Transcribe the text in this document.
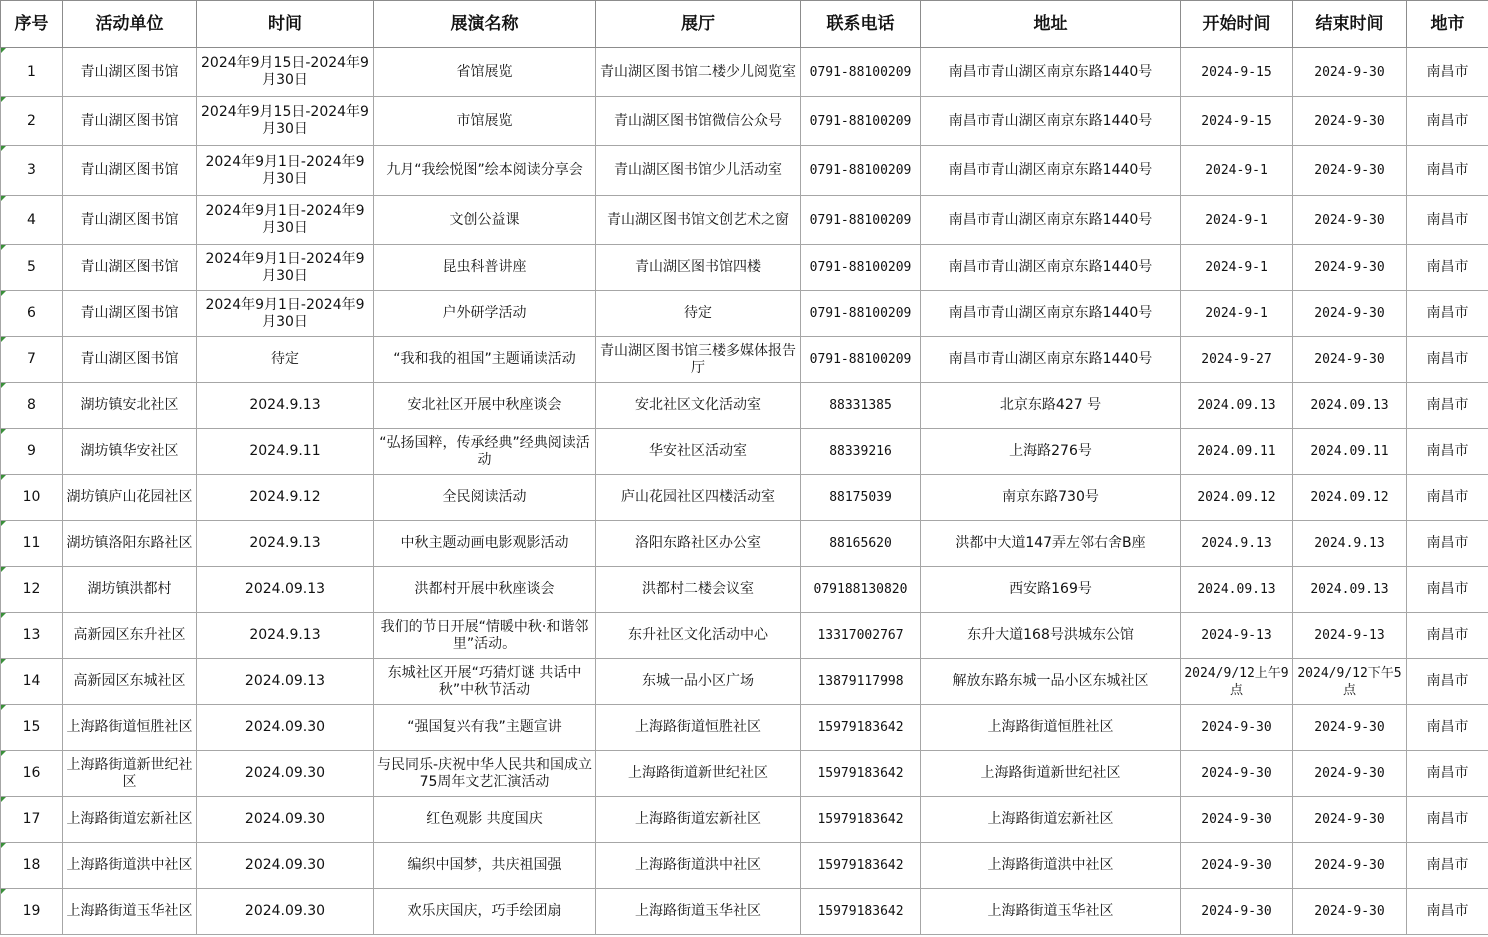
序号	活动单位	时间	展演名称	展厅	联系电话	地址	开始时间	结束时间	地市
1	青山湖区图书馆	2024年9月15日-2024年9月30日	省馆展览	青山湖区图书馆二楼少儿阅览室	0791-88100209	南昌市青山湖区南京东路1440号	2024-9-15	2024-9-30	南昌市
2	青山湖区图书馆	2024年9月15日-2024年9月30日	市馆展览	青山湖区图书馆微信公众号	0791-88100209	南昌市青山湖区南京东路1440号	2024-9-15	2024-9-30	南昌市
3	青山湖区图书馆	2024年9月1日-2024年9月30日	九月“我绘悦图”绘本阅读分享会	青山湖区图书馆少儿活动室	0791-88100209	南昌市青山湖区南京东路1440号	2024-9-1	2024-9-30	南昌市
4	青山湖区图书馆	2024年9月1日-2024年9月30日	文创公益课	青山湖区图书馆文创艺术之窗	0791-88100209	南昌市青山湖区南京东路1440号	2024-9-1	2024-9-30	南昌市
5	青山湖区图书馆	2024年9月1日-2024年9月30日	昆虫科普讲座	青山湖区图书馆四楼	0791-88100209	南昌市青山湖区南京东路1440号	2024-9-1	2024-9-30	南昌市
6	青山湖区图书馆	2024年9月1日-2024年9月30日	户外研学活动	待定	0791-88100209	南昌市青山湖区南京东路1440号	2024-9-1	2024-9-30	南昌市
7	青山湖区图书馆	待定	“我和我的祖国”主题诵读活动	青山湖区图书馆三楼多媒体报告厅	0791-88100209	南昌市青山湖区南京东路1440号	2024-9-27	2024-9-30	南昌市
8	湖坊镇安北社区	2024.9.13	安北社区开展中秋座谈会	安北社区文化活动室	88331385	北京东路427 号	2024.09.13	2024.09.13	南昌市
9	湖坊镇华安社区	2024.9.11	“弘扬国粹，传承经典”经典阅读活动	华安社区活动室	88339216	上海路276号	2024.09.11	2024.09.11	南昌市
10	湖坊镇庐山花园社区	2024.9.12	全民阅读活动	庐山花园社区四楼活动室	88175039	南京东路730号	2024.09.12	2024.09.12	南昌市
11	湖坊镇洛阳东路社区	2024.9.13	中秋主题动画电影观影活动	洛阳东路社区办公室	88165620	洪都中大道147弄左邻右舍B座	2024.9.13	2024.9.13	南昌市
12	湖坊镇洪都村	2024.09.13	洪都村开展中秋座谈会	洪都村二楼会议室	079188130820	西安路169号	2024.09.13	2024.09.13	南昌市
13	高新园区东升社区	2024.9.13	我们的节日开展“情暖中秋·和谐邻里”活动。	东升社区文化活动中心	13317002767	东升大道168号洪城东公馆	2024-9-13	2024-9-13	南昌市
14	高新园区东城社区	2024.09.13	东城社区开展“巧猜灯谜 共话中秋”中秋节活动	东城一品小区广场	13879117998	解放东路东城一品小区东城社区	2024/9/12上午9点	2024/9/12下午5点	南昌市
15	上海路街道恒胜社区	2024.09.30	“强国复兴有我”主题宣讲	上海路街道恒胜社区	15979183642	上海路街道恒胜社区	2024-9-30	2024-9-30	南昌市
16	上海路街道新世纪社区	2024.09.30	与民同乐-庆祝中华人民共和国成立75周年文艺汇演活动	上海路街道新世纪社区	15979183642	上海路街道新世纪社区	2024-9-30	2024-9-30	南昌市
17	上海路街道宏新社区	2024.09.30	红色观影 共度国庆	上海路街道宏新社区	15979183642	上海路街道宏新社区	2024-9-30	2024-9-30	南昌市
18	上海路街道洪中社区	2024.09.30	编织中国梦，共庆祖国强	上海路街道洪中社区	15979183642	上海路街道洪中社区	2024-9-30	2024-9-30	南昌市
19	上海路街道玉华社区	2024.09.30	欢乐庆国庆，巧手绘团扇	上海路街道玉华社区	15979183642	上海路街道玉华社区	2024-9-30	2024-9-30	南昌市
